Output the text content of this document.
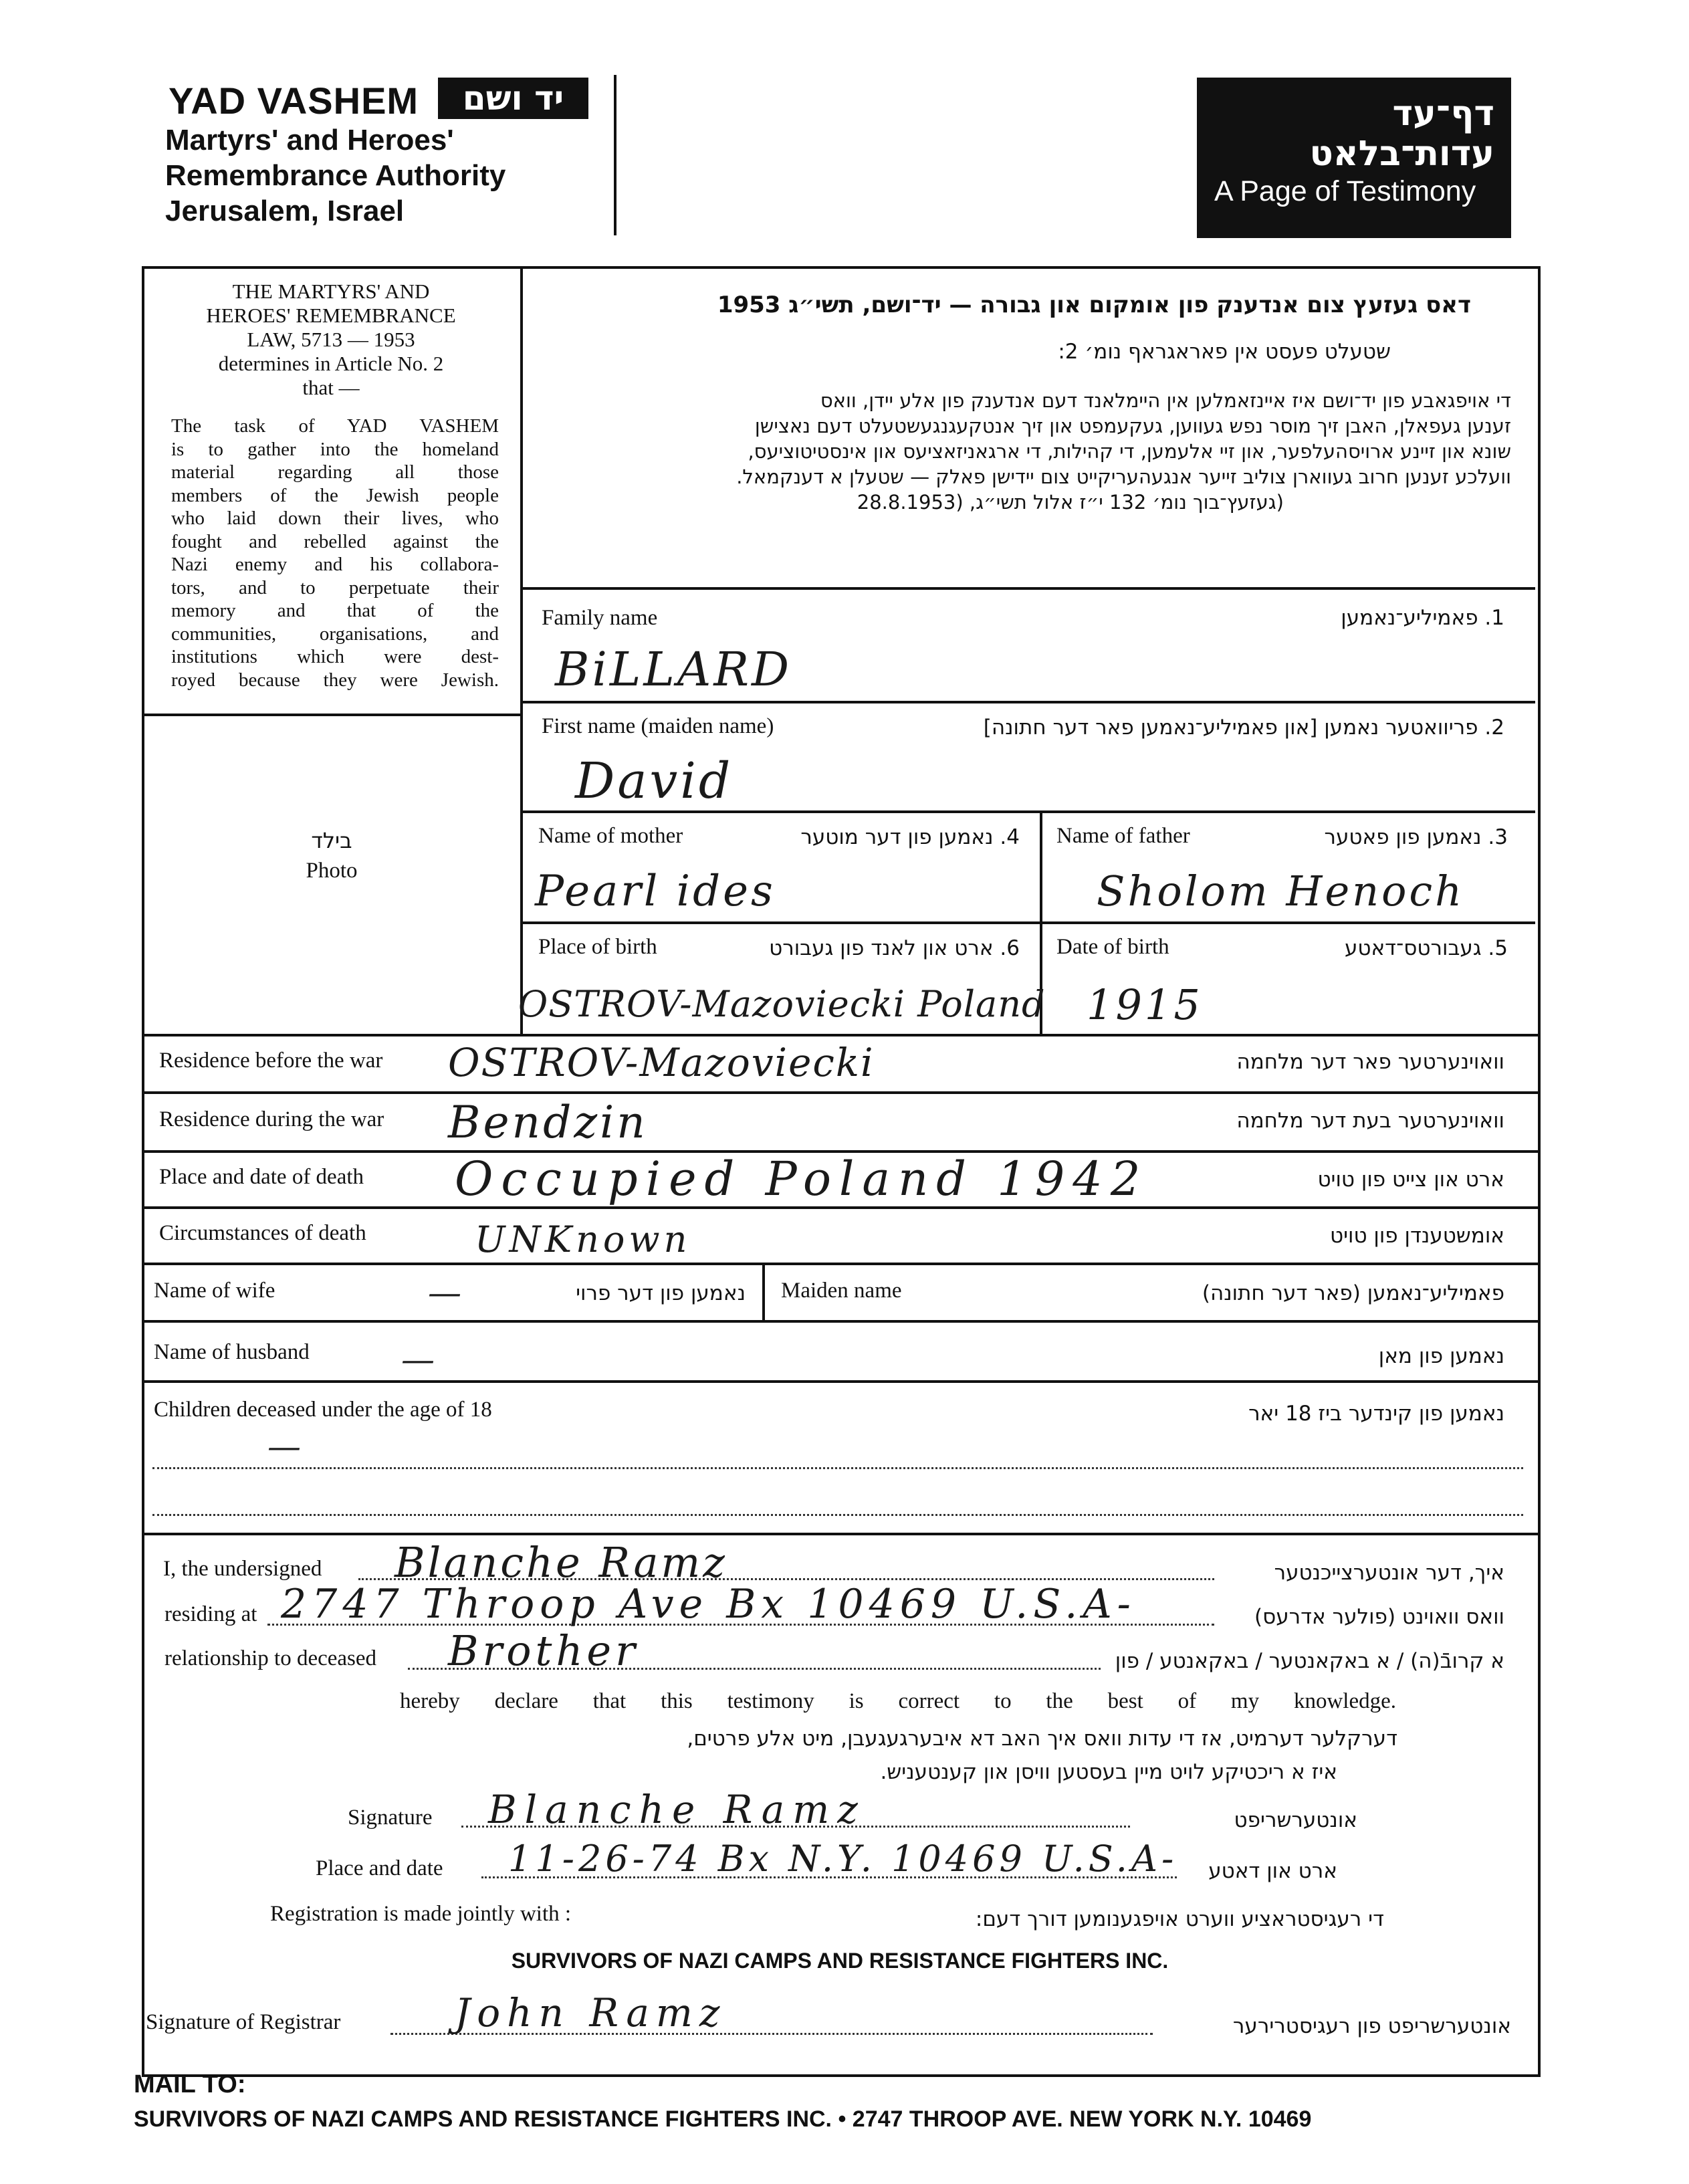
YAD VASHEM	יד ושם
Martyrs' and Heroes'
Remembrance Authority
Jerusalem, Israel
דף־עד
עדות־בלאט
A Page of Testimony
THE MARTYRS' AND
HEROES' REMEMBRANCE
LAW, 5713 — 1953
determines in Article No. 2
that —
The task of YAD VASHEM
is to gather into the homeland
material regarding all those
members of the Jewish people
who laid down their lives, who
fought and rebelled against the
Nazi enemy and his collabora-
tors, and to perpetuate their
memory and that of the
communities, organisations, and
institutions which were dest-
royed because they were Jewish.
בילד
Photo
דאס געזעץ צום אנדענק פון אומקום און גבורה — יד־ושם, תשי״ג 1953
שטעלט פעסט אין פאראגראף נומ׳ 2:
די אויפגאבע פון יד־ושם איז איינזאמלען אין היימלאנד דעם אנדענק פון אלע יידן, וואס
זענען געפאלן, האבן זיך מוסר נפש געווען, געקעמפט און זיך אנטקעגנגעשטעלט דעם נאצישן
שונא און זיינע ארויסהעלפער, און זיי אלעמען, די קהילות, די ארגאניזאציעס און אינסטיטוציעס,
וועלכע זענען חרוב געווארן צוליב זייער אנגעהעריקייט צום יידישן פאלק — שטעלן א דענקמאל.
(געזעץ־בוך נומ׳ 132 י״ז אלול תשי״ג, (28.8.1953
Family name	1. פאמיליע־נאמען
BiLLARD
First name (maiden name)	2. פריוואטער נאמען [און פאמיליע־נאמען פאר דער חתונה]
David
Name of mother	4. נאמען פון דער מוטער
Pearl ides
Name of father	3. נאמען פון פאטער
Sholom Henoch
Place of birth	6. ארט און לאנד פון געבורט
OSTROV-Mazoviecki Poland
Date of birth	5. געבורטס־דאטע
1915
Residence before the war	וואוינערטער פאר דער מלחמה
OSTROV-Mazoviecki
Residence during the war	וואוינערטער בעת דער מלחמה
Bendzin
Place and date of death	ארט און צייט פון טויט
Occupied Poland 1942
Circumstances of death	אומשטענדן פון טויט
UNKnown
Name of wife	—	נאמען פון דער פרוי Maiden name	פאמיליע־נאמען (פאר דער חתונה)
Name of husband	—	נאמען פון מאן
Children deceased under the age of 18	נאמען פון קינדער ביז 18 יאר
—
I, the undersigned Blanche Ramz	איך, דער אונטערצייכנטער
residing at 2747 Throop Ave Bx 10469 U.S.A-	וואס וואוינט (פולער אדרעס)
relationship to deceased Brother	א קרובֿ(ה) / א באקאנטער / באקאנטע / פון
hereby declare that this testimony is correct to the best of my knowledge.
דערקלער דערמיט, אז די עדות וואס איך האב דא איבערגעגעבן, מיט אלע פרטים,
איז א ריכטיקע לויט מיין בעסטען וויסן און קענטעניש.
Signature Blanche Ramz	אונטערשריפט
Place and date 11-26-74 Bx N.Y. 10469 U.S.A-	ארט און דאטע
Registration is made jointly with :	די רעגיסטראציע ווערט אויפגענומען דורך דעם:
SURVIVORS OF NAZI CAMPS AND RESISTANCE FIGHTERS INC.
Signature of Registrar	John Ramz	אונטערשריפט פון רעגיסטרירער
MAIL TO:
SURVIVORS OF NAZI CAMPS AND RESISTANCE FIGHTERS INC. • 2747 THROOP AVE. NEW YORK N.Y. 10469
